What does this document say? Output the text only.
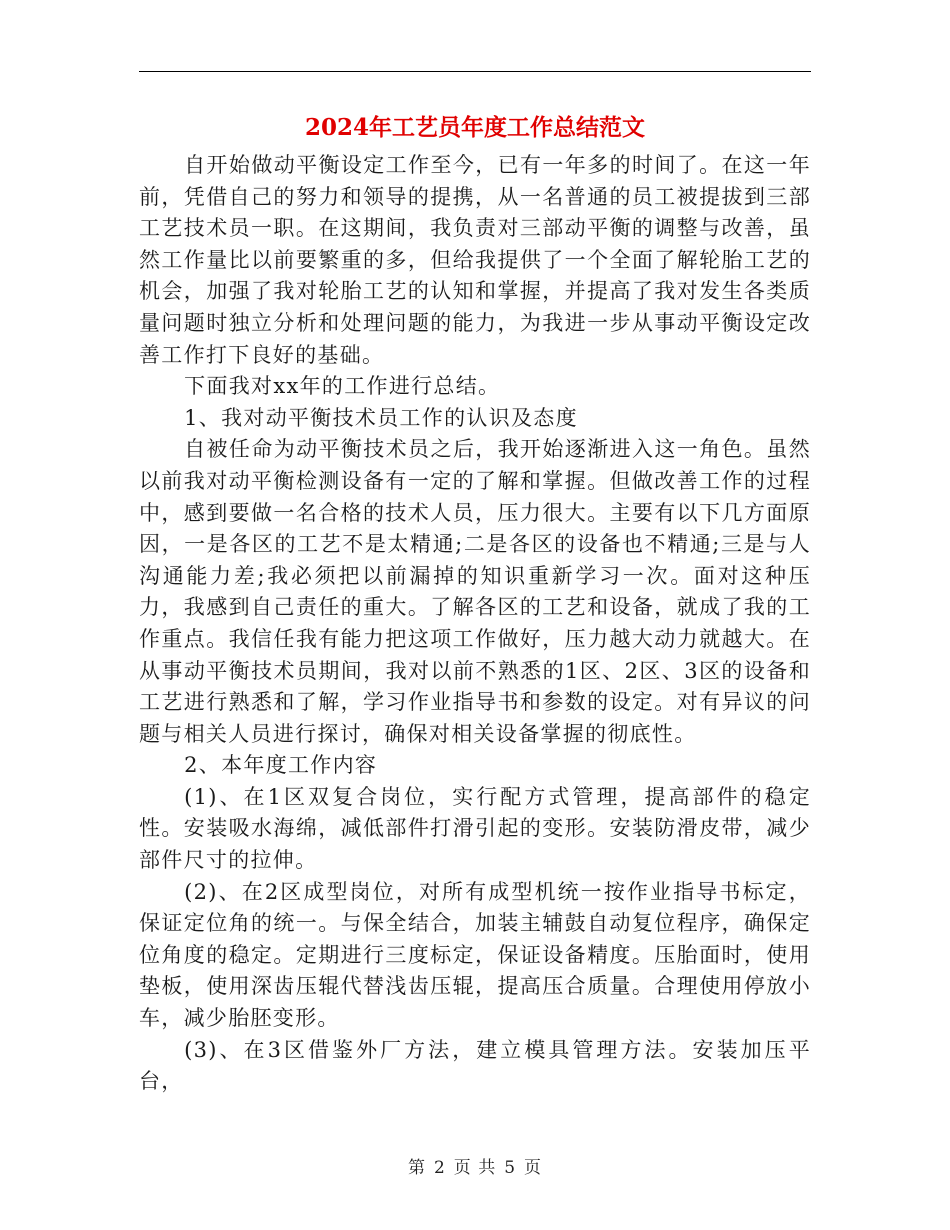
2024年工艺员年度工作总结范文

自开始做动平衡设定工作至今，已有一年多的时间了。在这一年前，凭借自己的努力和领导的提携，从一名普通的员工被提拔到三部工艺技术员一职。在这期间，我负责对三部动平衡的调整与改善，虽然工作量比以前要繁重的多，但给我提供了一个全面了解轮胎工艺的机会，加强了我对轮胎工艺的认知和掌握，并提高了我对发生各类质量问题时独立分析和处理问题的能力，为我进一步从事动平衡设定改善工作打下良好的基础。

下面我对xx年的工作进行总结。

1、我对动平衡技术员工作的认识及态度

自被任命为动平衡技术员之后，我开始逐渐进入这一角色。虽然以前我对动平衡检测设备有一定的了解和掌握。但做改善工作的过程中，感到要做一名合格的技术人员，压力很大。主要有以下几方面原因，一是各区的工艺不是太精通;二是各区的设备也不精通;三是与人沟通能力差;我必须把以前漏掉的知识重新学习一次。面对这种压力，我感到自己责任的重大。了解各区的工艺和设备，就成了我的工作重点。我信任我有能力把这项工作做好，压力越大动力就越大。在从事动平衡技术员期间，我对以前不熟悉的1区、2区、3区的设备和工艺进行熟悉和了解，学习作业指导书和参数的设定。对有异议的问题与相关人员进行探讨，确保对相关设备掌握的彻底性。

2、本年度工作内容

(1)、在1区双复合岗位，实行配方式管理，提高部件的稳定性。安装吸水海绵，减低部件打滑引起的变形。安装防滑皮带，减少部件尺寸的拉伸。

(2)、在2区成型岗位，对所有成型机统一按作业指导书标定，保证定位角的统一。与保全结合，加装主辅鼓自动复位程序，确保定位角度的稳定。定期进行三度标定，保证设备精度。压胎面时，使用垫板，使用深齿压辊代替浅齿压辊，提高压合质量。合理使用停放小车，减少胎胚变形。

(3)、在3区借鉴外厂方法，建立模具管理方法。安装加压平台，

第 2 页 共 5 页
